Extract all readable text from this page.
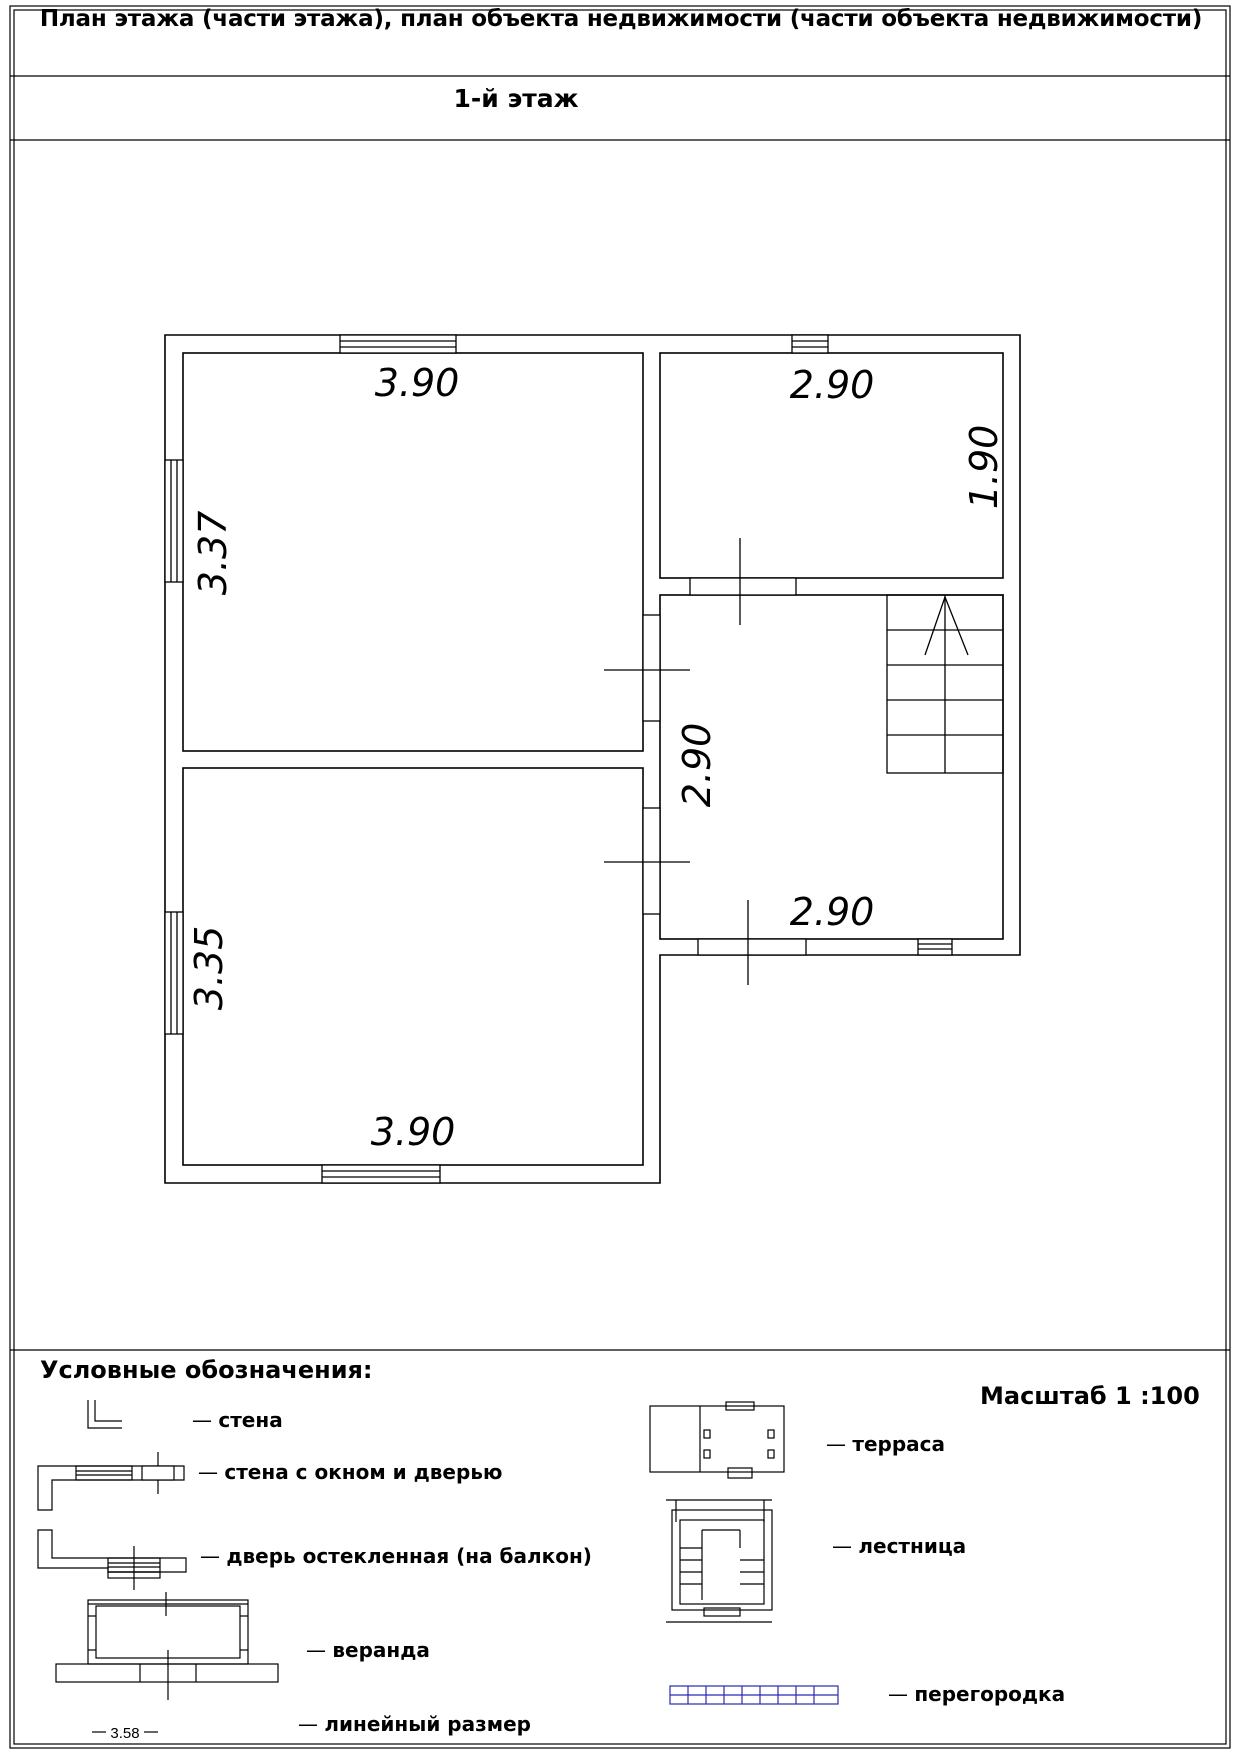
3.90	2.90
1.90
3.37
2.90
2.90
3.35
3.90
3.58
План этажа (части этажа), план объекта недвижимости (части объекта недвижимости)
1-й этаж
Условные обозначения:
Масштаб 1 :100
— стена
— стена с окном и дверью
— дверь остекленная (на балкон)
— веранда
— линейный размер
— терраса
— лестница
— перегородка
